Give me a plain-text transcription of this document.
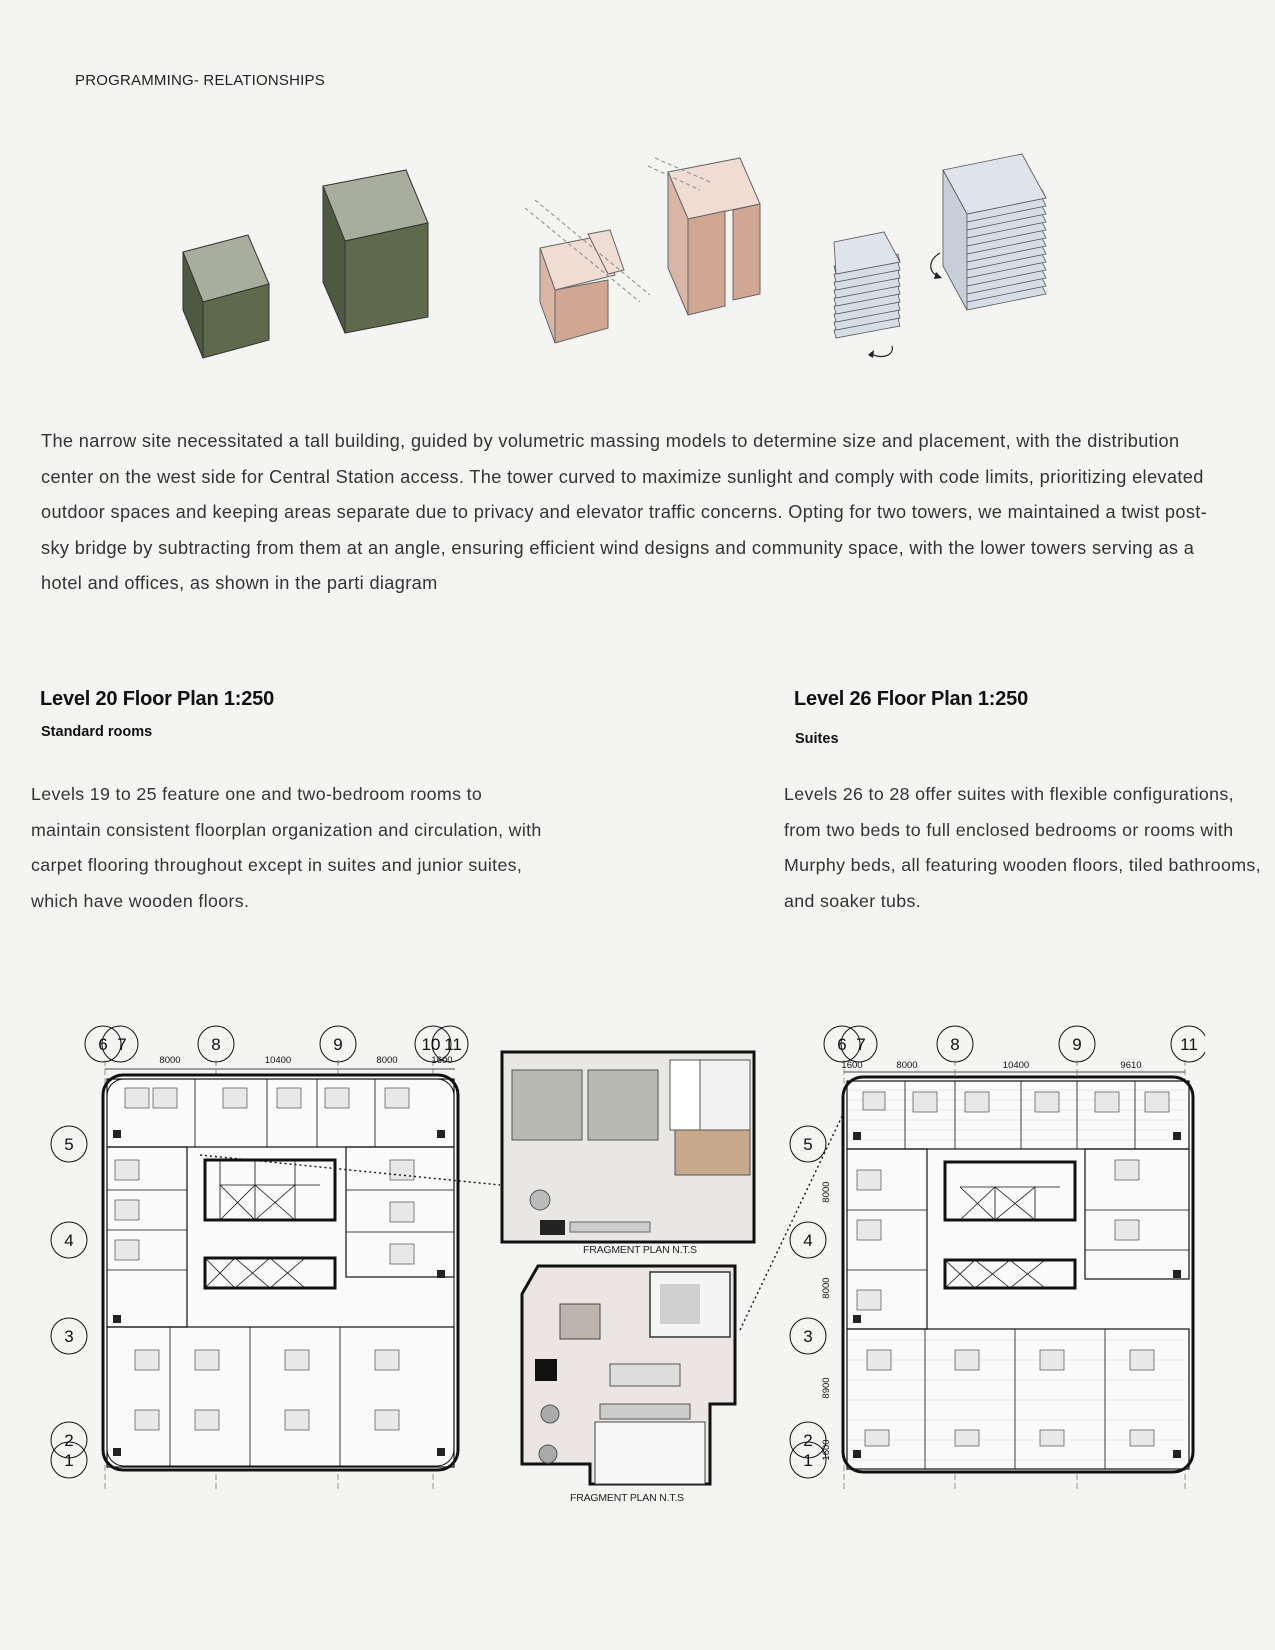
PROGRAMMING- RELATIONSHIPS
The narrow site necessitated a tall building, guided by volumetric massing models to determine size and placement, with the distribution center on the west side for Central Station access. The tower curved to maximize sunlight and comply with code limits, prioritizing elevated outdoor spaces and keeping areas separate due to privacy and elevator traffic concerns. Opting for two towers, we maintained a twist post-sky bridge by subtracting from them at an angle, ensuring efficient wind designs and community space, with the lower towers serving as a hotel and offices, as shown in the parti diagram
Level 20 Floor Plan 1:250
Standard rooms
Levels 19 to 25 feature one and two-bedroom rooms to maintain consistent floorplan organization and circulation, with carpet flooring throughout except in suites and junior suites, which have wooden floors.
Level 26 Floor Plan 1:250
Suites
Levels 26 to 28 offer suites with flexible configurations, from two beds to full enclosed bedrooms or rooms with Murphy beds, all featuring wooden floors, tiled bathrooms, and soaker tubs.
6 7	8	9	10 11
5
4
3
2
1
8000	10400	8000	1600
FRAGMENT PLAN N.T.S
FRAGMENT PLAN N.T.S
6 7	8	9	11
5
4
3
2
1
1600	8000	10400	9610
8000
8000
8900
1600
